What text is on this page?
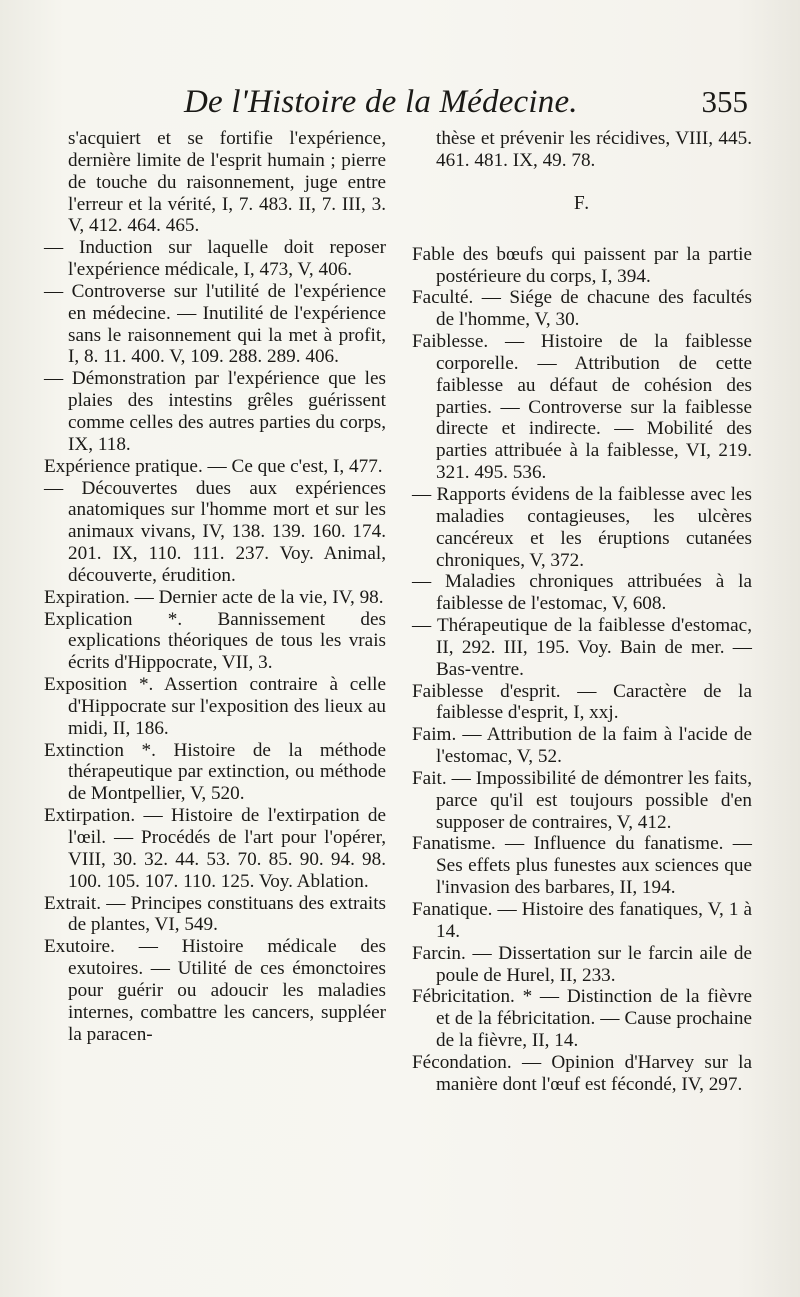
De l'Histoire de la Médecine.	355
s'acquiert et se fortifie l'expérience, dernière limite de l'esprit humain ; pierre de touche du raisonnement, juge entre l'erreur et la vérité, I, 7. 483. II, 7. III, 3. V, 412. 464. 465.
— Induction sur laquelle doit reposer l'expérience médicale, I, 473, V, 406.
— Controverse sur l'utilité de l'expérience en médecine. — Inutilité de l'expérience sans le raisonnement qui la met à profit, I, 8. 11. 400. V, 109. 288. 289. 406.
— Démonstration par l'expérience que les plaies des intestins grêles guérissent comme celles des autres parties du corps, IX, 118.
Expérience pratique. — Ce que c'est, I, 477.
— Découvertes dues aux expériences anatomiques sur l'homme mort et sur les animaux vivans, IV, 138. 139. 160. 174. 201. IX, 110. 111. 237. Voy. Animal, découverte, érudition.
Expiration. — Dernier acte de la vie, IV, 98.
Explication *. Bannissement des explications théoriques de tous les vrais écrits d'Hippocrate, VII, 3.
Exposition *. Assertion contraire à celle d'Hippocrate sur l'exposition des lieux au midi, II, 186.
Extinction *. Histoire de la méthode thérapeutique par extinction, ou méthode de Montpellier, V, 520.
Extirpation. — Histoire de l'extirpation de l'œil. — Procédés de l'art pour l'opérer, VIII, 30. 32. 44. 53. 70. 85. 90. 94. 98. 100. 105. 107. 110. 125. Voy. Ablation.
Extrait. — Principes constituans des extraits de plantes, VI, 549.
Exutoire. — Histoire médicale des exutoires. — Utilité de ces émonctoires pour guérir ou adoucir les maladies internes, combattre les cancers, suppléer la paracen-
thèse et prévenir les récidives, VIII, 445. 461. 481. IX, 49. 78.
F.
Fable des bœufs qui paissent par la partie postérieure du corps, I, 394.
Faculté. — Siége de chacune des facultés de l'homme, V, 30.
Faiblesse. — Histoire de la faiblesse corporelle. — Attribution de cette faiblesse au défaut de cohésion des parties. — Controverse sur la faiblesse directe et indirecte. — Mobilité des parties attribuée à la faiblesse, VI, 219. 321. 495. 536.
— Rapports évidens de la faiblesse avec les maladies contagieuses, les ulcères cancéreux et les éruptions cutanées chroniques, V, 372.
— Maladies chroniques attribuées à la faiblesse de l'estomac, V, 608.
— Thérapeutique de la faiblesse d'estomac, II, 292. III, 195. Voy. Bain de mer. — Bas-ventre.
Faiblesse d'esprit. — Caractère de la faiblesse d'esprit, I, xxj.
Faim. — Attribution de la faim à l'acide de l'estomac, V, 52.
Fait. — Impossibilité de démontrer les faits, parce qu'il est toujours possible d'en supposer de contraires, V, 412.
Fanatisme. — Influence du fanatisme. — Ses effets plus funestes aux sciences que l'invasion des barbares, II, 194.
Fanatique. — Histoire des fanatiques, V, 1 à 14.
Farcin. — Dissertation sur le farcin aile de poule de Hurel, II, 233.
Fébricitation. * — Distinction de la fièvre et de la fébricitation. — Cause prochaine de la fièvre, II, 14.
Fécondation. — Opinion d'Harvey sur la manière dont l'œuf est fécondé, IV, 297.
